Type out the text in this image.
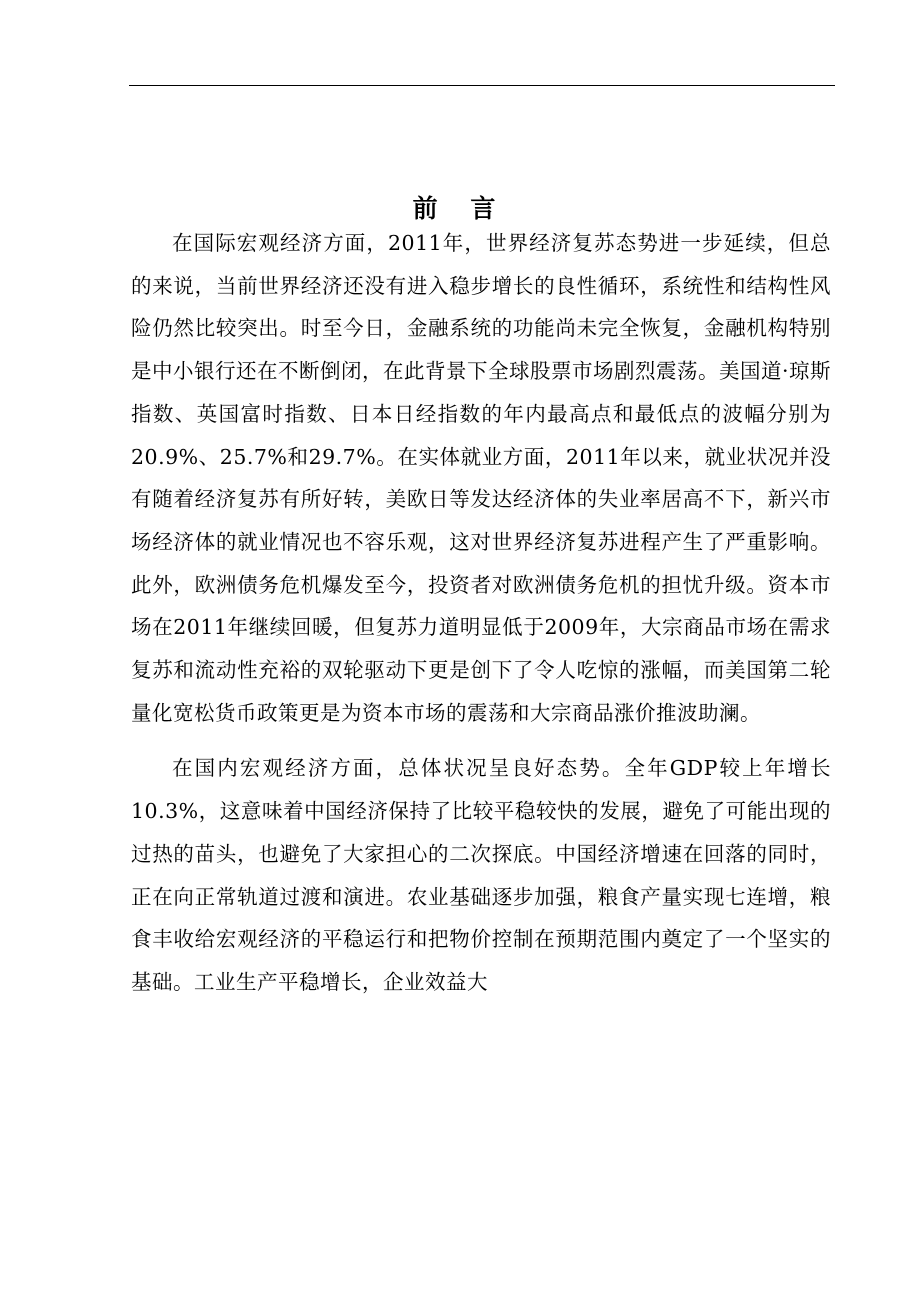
前 言

在国际宏观经济方面，2011年，世界经济复苏态势进一步延续，但总的来说，当前世界经济还没有进入稳步增长的良性循环，系统性和结构性风险仍然比较突出。时至今日，金融系统的功能尚未完全恢复，金融机构特别是中小银行还在不断倒闭，在此背景下全球股票市场剧烈震荡。美国道·琼斯指数、英国富时指数、日本日经指数的年内最高点和最低点的波幅分别为20.9%、25.7%和29.7%。在实体就业方面，2011年以来，就业状况并没有随着经济复苏有所好转，美欧日等发达经济体的失业率居高不下，新兴市场经济体的就业情况也不容乐观，这对世界经济复苏进程产生了严重影响。此外，欧洲债务危机爆发至今，投资者对欧洲债务危机的担忧升级。资本市场在2011年继续回暖，但复苏力道明显低于2009年，大宗商品市场在需求复苏和流动性充裕的双轮驱动下更是创下了令人吃惊的涨幅，而美国第二轮量化宽松货币政策更是为资本市场的震荡和大宗商品涨价推波助澜。

在国内宏观经济方面，总体状况呈良好态势。全年GDP较上年增长10.3%，这意味着中国经济保持了比较平稳较快的发展，避免了可能出现的过热的苗头，也避免了大家担心的二次探底。中国经济增速在回落的同时，正在向正常轨道过渡和演进。农业基础逐步加强，粮食产量实现七连增，粮食丰收给宏观经济的平稳运行和把物价控制在预期范围内奠定了一个坚实的基础。工业生产平稳增长，企业效益大
